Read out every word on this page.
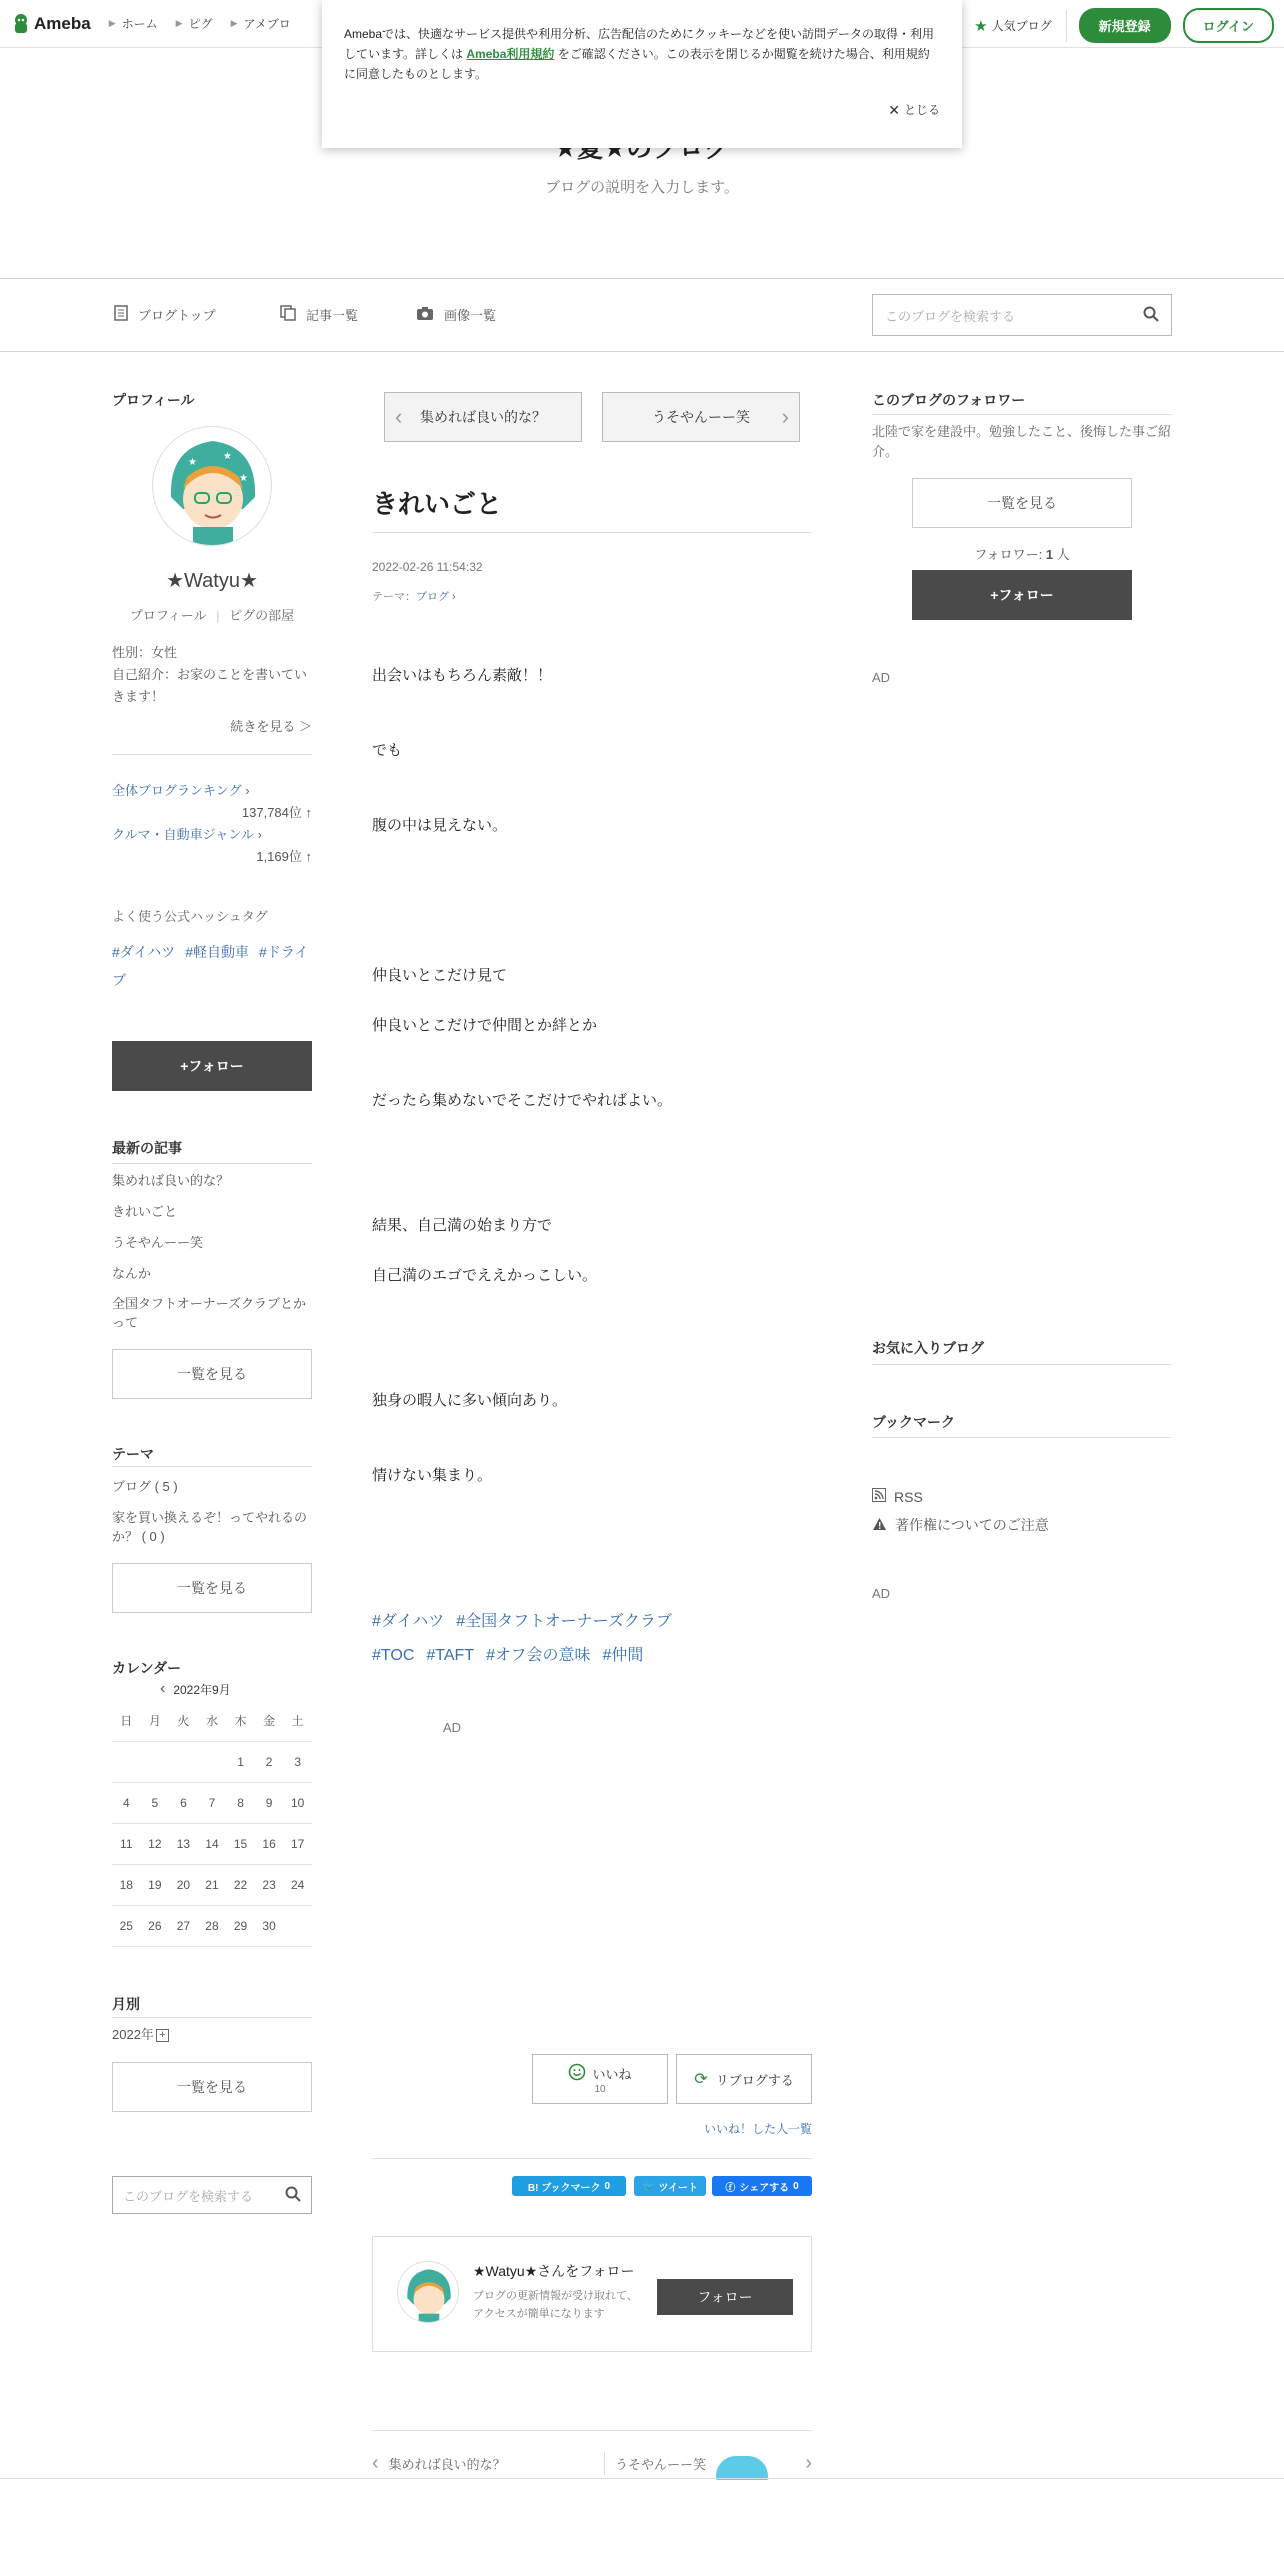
Ameba ▶ ホーム ▶ ピグ ▶ アメブロ	★ 人気ブログ	新規登録	ログイン
Amebaでは、快適なサービス提供や利用分析、広告配信のためにクッキーなどを使い訪問データの取得・利用しています。詳しくは Ameba利用規約 をご確認ください。この表示を閉じるか閲覧を続けた場合、利用規約に同意したものとします。
✕ とじる
ブログの説明を入力します。
ブログトップ	記事一覧	画像一覧	このブログを検索する
プロフィール
★
★
★
★Watyu★
プロフィール | ピグの部屋
性別：女性
自己紹介：お家のことを書いていきます！
続きを見る ＞
全体ブログランキング ›
137,784位 ↑
クルマ・自動車ジャンル ›
1,169位 ↑
よく使う公式ハッシュタグ
#ダイハツ #軽自動車 #ドライブ
+フォロー
最新の記事
集めれば良い的な？
きれいごと
うそやんーー笑
なんか
全国タフトオーナーズクラブとかって
一覧を見る
テーマ
ブログ ( 5 )
家を買い換えるぞ！ってやれるのか？ ( 0 )
一覧を見る
カレンダー
‹ 2022年9月
日	月	火	水	木	金	土
				1	2	3
4	5	6	7	8	9	10
11	12	13	14	15	16	17
18	19	20	21	22	23	24
25	26	27	28	29	30	
月別
2022年 +
一覧を見る
このブログを検索する
‹ 集めれば良い的な？	うそやんーー笑 ›
きれいごと
2022-02-26 11:54:32
テーマ：ブログ ›
出会いはもちろん素敵！！
でも
腹の中は見えない。
仲良いとこだけ見て
仲良いとこだけで仲間とか絆とか
だったら集めないでそこだけでやればよい。
結果、自己満の始まり方で
自己満のエゴでええかっこしい。
独身の暇人に多い傾向あり。
情けない集まり。
#ダイハツ #全国タフトオーナーズクラブ
#TOC #TAFT #オフ会の意味 #仲間
AD
いいね
10
⟳ リブログする
いいね！した人一覧
B! ブックマーク 0	🐦 ツイート	ⓕ シェアする 0
★Watyu★さんをフォロー
ブログの更新情報が受け取れて、アクセスが簡単になります
フォロー
‹ 集めれば良い的な？	うそやんーー笑	›
このブログのフォロワー
北陸で家を建設中。勉強したこと、後悔した事ご紹介。
一覧を見る
フォロワー: 1 人
+フォロー
AD
お気に入りブログ
ブックマーク
RSS
著作権についてのご注意
AD
